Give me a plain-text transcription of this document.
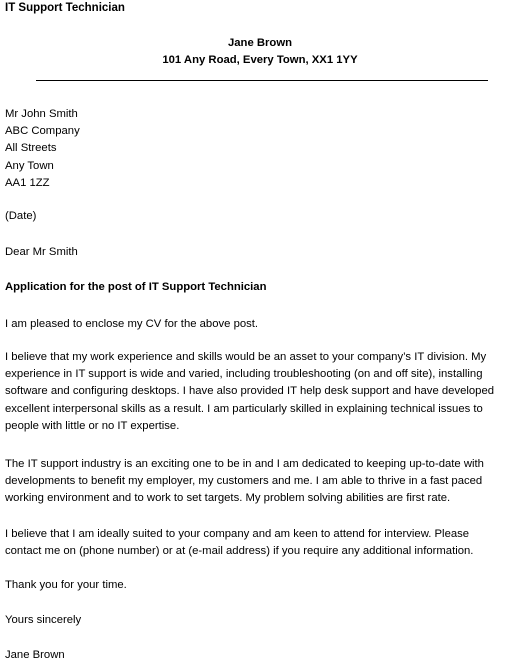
IT Support Technician
Jane Brown
101 Any Road, Every Town, XX1 1YY
Mr John Smith
ABC Company
All Streets
Any Town
AA1 1ZZ
(Date)
Dear Mr Smith
Application for the post of IT Support Technician
I am pleased to enclose my CV for the above post.
I believe that my work experience and skills would be an asset to your company’s IT division. My
experience in IT support is wide and varied, including troubleshooting (on and off site), installing
software and configuring desktops. I have also provided IT help desk support and have developed
excellent interpersonal skills as a result. I am particularly skilled in explaining technical issues to
people with little or no IT expertise.
The IT support industry is an exciting one to be in and I am dedicated to keeping up-to-date with
developments to benefit my employer, my customers and me. I am able to thrive in a fast paced
working environment and to work to set targets. My problem solving abilities are first rate.
I believe that I am ideally suited to your company and am keen to attend for interview. Please
contact me on (phone number) or at (e-mail address) if you require any additional information.
Thank you for your time.
Yours sincerely
Jane Brown
